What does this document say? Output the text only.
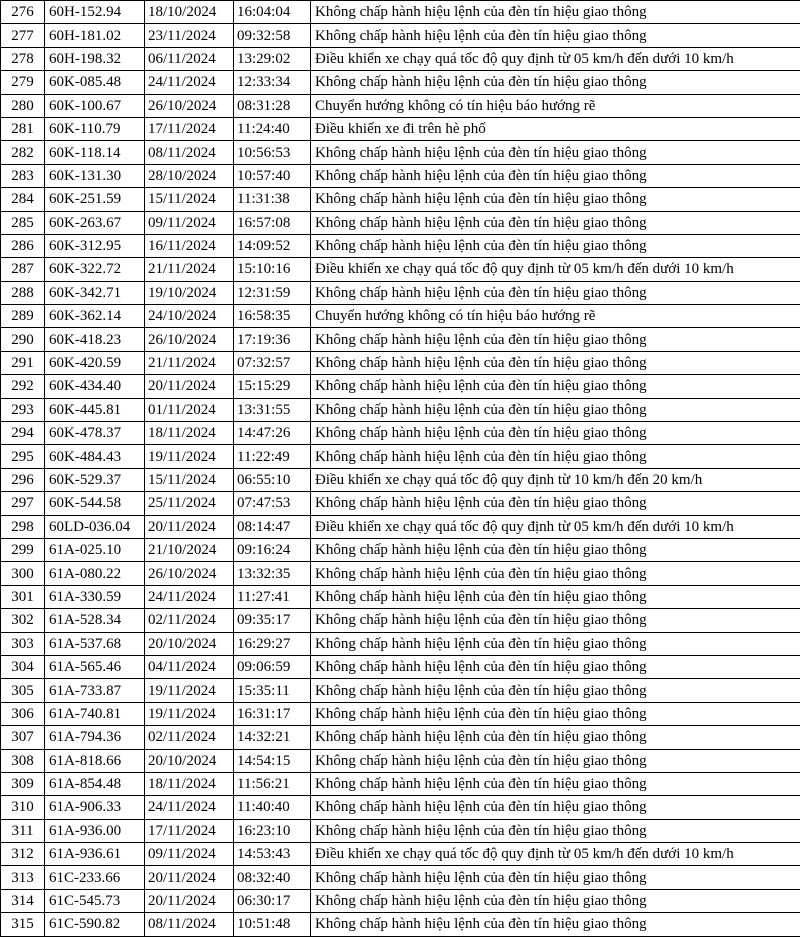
276	60H-152.94	18/10/2024	16:04:04	Không chấp hành hiệu lệnh của đèn tín hiệu giao thông
277	60H-181.02	23/11/2024	09:32:58	Không chấp hành hiệu lệnh của đèn tín hiệu giao thông
278	60H-198.32	06/11/2024	13:29:02	Điều khiển xe chạy quá tốc độ quy định từ 05 km/h đến dưới 10 km/h
279	60K-085.48	24/11/2024	12:33:34	Không chấp hành hiệu lệnh của đèn tín hiệu giao thông
280	60K-100.67	26/10/2024	08:31:28	Chuyển hướng không có tín hiệu báo hướng rẽ
281	60K-110.79	17/11/2024	11:24:40	Điều khiển xe đi trên hè phố
282	60K-118.14	08/11/2024	10:56:53	Không chấp hành hiệu lệnh của đèn tín hiệu giao thông
283	60K-131.30	28/10/2024	10:57:40	Không chấp hành hiệu lệnh của đèn tín hiệu giao thông
284	60K-251.59	15/11/2024	11:31:38	Không chấp hành hiệu lệnh của đèn tín hiệu giao thông
285	60K-263.67	09/11/2024	16:57:08	Không chấp hành hiệu lệnh của đèn tín hiệu giao thông
286	60K-312.95	16/11/2024	14:09:52	Không chấp hành hiệu lệnh của đèn tín hiệu giao thông
287	60K-322.72	21/11/2024	15:10:16	Điều khiển xe chạy quá tốc độ quy định từ 05 km/h đến dưới 10 km/h
288	60K-342.71	19/10/2024	12:31:59	Không chấp hành hiệu lệnh của đèn tín hiệu giao thông
289	60K-362.14	24/10/2024	16:58:35	Chuyển hướng không có tín hiệu báo hướng rẽ
290	60K-418.23	26/10/2024	17:19:36	Không chấp hành hiệu lệnh của đèn tín hiệu giao thông
291	60K-420.59	21/11/2024	07:32:57	Không chấp hành hiệu lệnh của đèn tín hiệu giao thông
292	60K-434.40	20/11/2024	15:15:29	Không chấp hành hiệu lệnh của đèn tín hiệu giao thông
293	60K-445.81	01/11/2024	13:31:55	Không chấp hành hiệu lệnh của đèn tín hiệu giao thông
294	60K-478.37	18/11/2024	14:47:26	Không chấp hành hiệu lệnh của đèn tín hiệu giao thông
295	60K-484.43	19/11/2024	11:22:49	Không chấp hành hiệu lệnh của đèn tín hiệu giao thông
296	60K-529.37	15/11/2024	06:55:10	Điều khiển xe chạy quá tốc độ quy định từ 10 km/h đến 20 km/h
297	60K-544.58	25/11/2024	07:47:53	Không chấp hành hiệu lệnh của đèn tín hiệu giao thông
298	60LD-036.04	20/11/2024	08:14:47	Điều khiển xe chạy quá tốc độ quy định từ 05 km/h đến dưới 10 km/h
299	61A-025.10	21/10/2024	09:16:24	Không chấp hành hiệu lệnh của đèn tín hiệu giao thông
300	61A-080.22	26/10/2024	13:32:35	Không chấp hành hiệu lệnh của đèn tín hiệu giao thông
301	61A-330.59	24/11/2024	11:27:41	Không chấp hành hiệu lệnh của đèn tín hiệu giao thông
302	61A-528.34	02/11/2024	09:35:17	Không chấp hành hiệu lệnh của đèn tín hiệu giao thông
303	61A-537.68	20/10/2024	16:29:27	Không chấp hành hiệu lệnh của đèn tín hiệu giao thông
304	61A-565.46	04/11/2024	09:06:59	Không chấp hành hiệu lệnh của đèn tín hiệu giao thông
305	61A-733.87	19/11/2024	15:35:11	Không chấp hành hiệu lệnh của đèn tín hiệu giao thông
306	61A-740.81	19/11/2024	16:31:17	Không chấp hành hiệu lệnh của đèn tín hiệu giao thông
307	61A-794.36	02/11/2024	14:32:21	Không chấp hành hiệu lệnh của đèn tín hiệu giao thông
308	61A-818.66	20/10/2024	14:54:15	Không chấp hành hiệu lệnh của đèn tín hiệu giao thông
309	61A-854.48	18/11/2024	11:56:21	Không chấp hành hiệu lệnh của đèn tín hiệu giao thông
310	61A-906.33	24/11/2024	11:40:40	Không chấp hành hiệu lệnh của đèn tín hiệu giao thông
311	61A-936.00	17/11/2024	16:23:10	Không chấp hành hiệu lệnh của đèn tín hiệu giao thông
312	61A-936.61	09/11/2024	14:53:43	Điều khiển xe chạy quá tốc độ quy định từ 05 km/h đến dưới 10 km/h
313	61C-233.66	20/11/2024	08:32:40	Không chấp hành hiệu lệnh của đèn tín hiệu giao thông
314	61C-545.73	20/11/2024	06:30:17	Không chấp hành hiệu lệnh của đèn tín hiệu giao thông
315	61C-590.82	08/11/2024	10:51:48	Không chấp hành hiệu lệnh của đèn tín hiệu giao thông
